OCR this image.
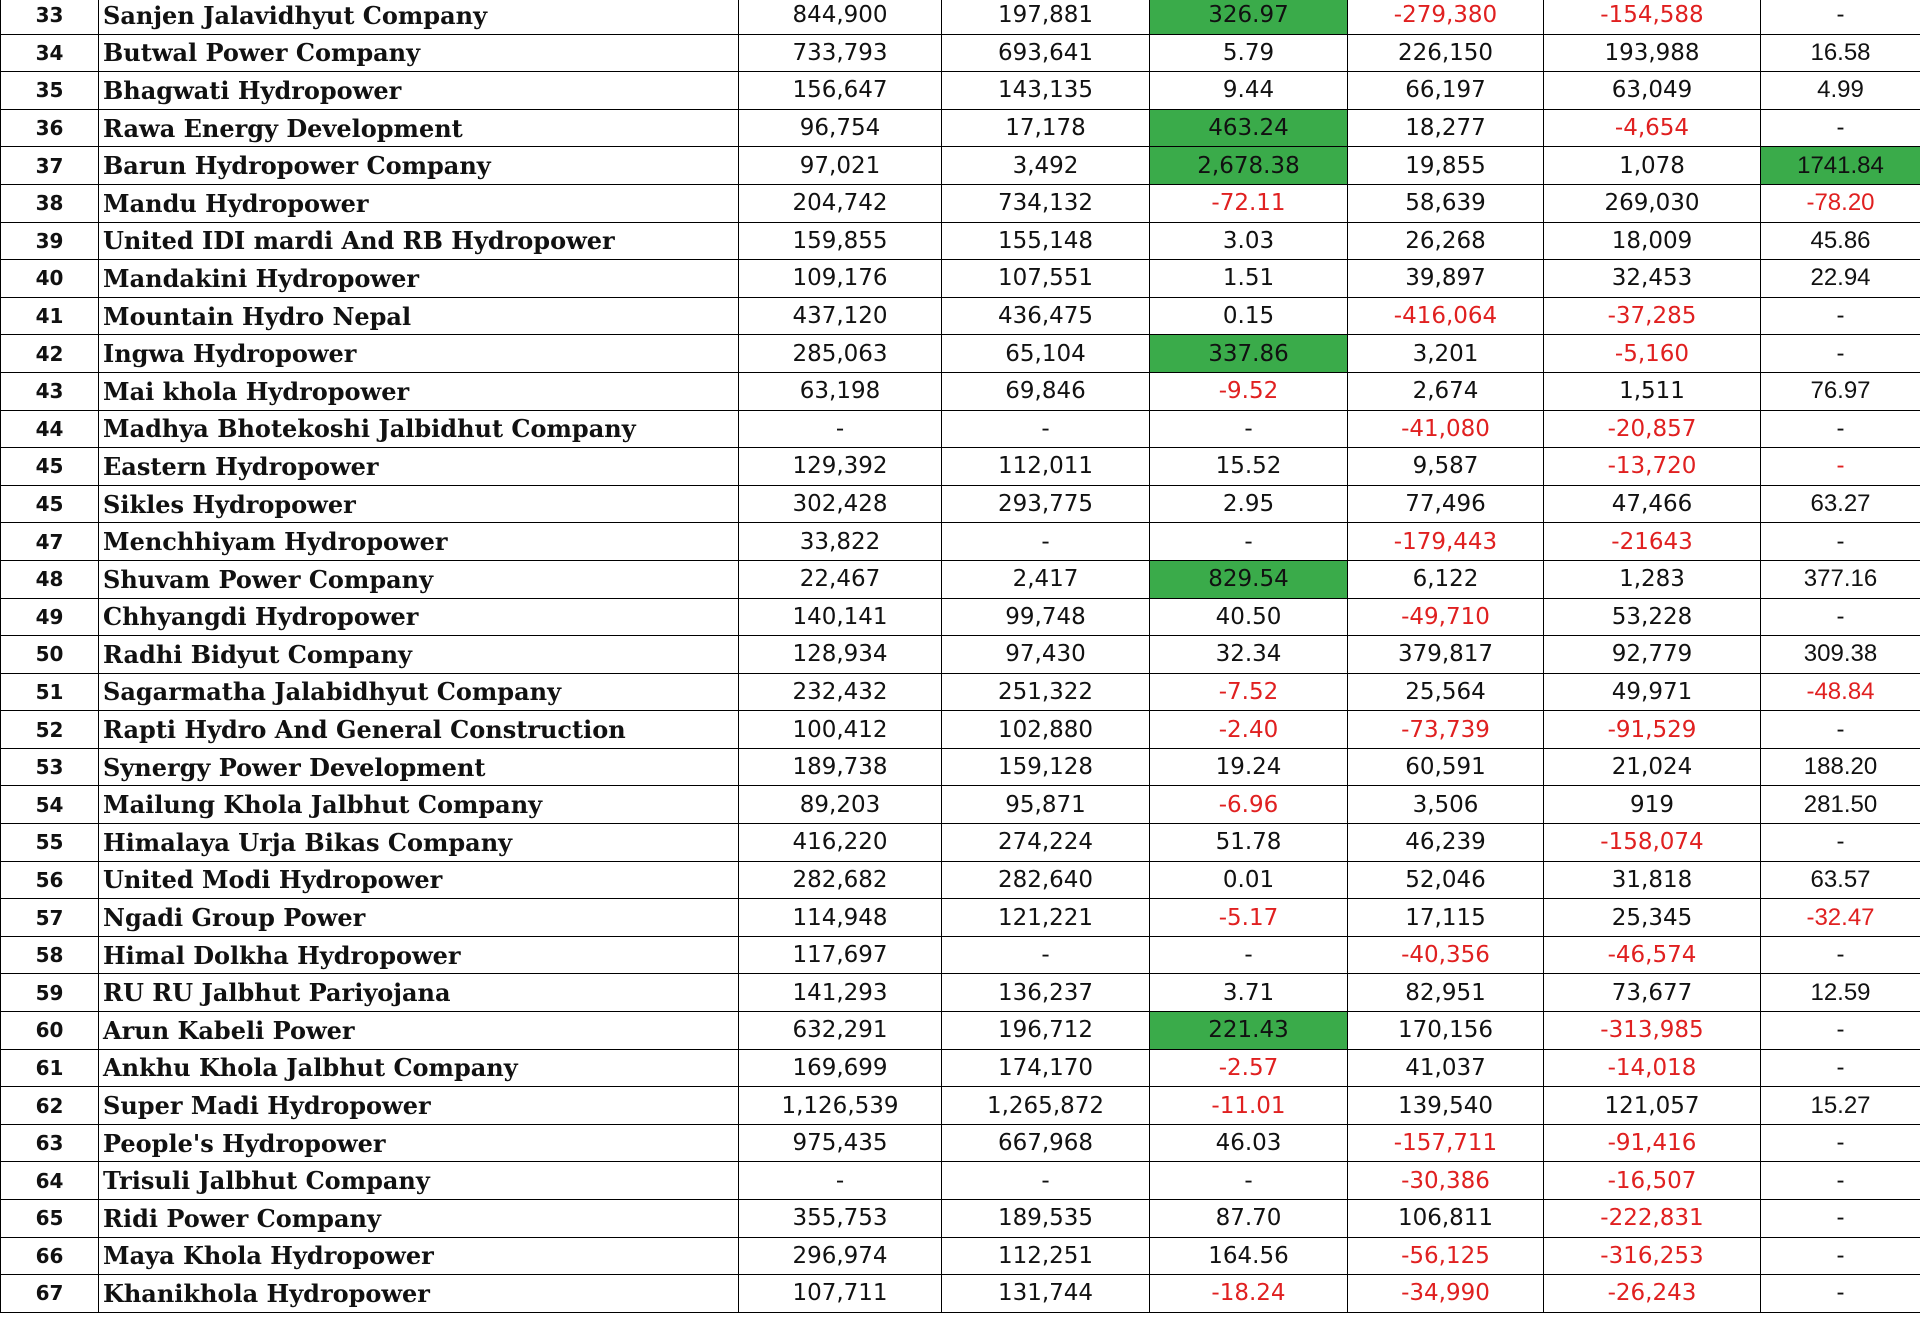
33	Sanjen Jalavidhyut Company	844,900	197,881	326.97	-279,380	-154,588	-
34	Butwal Power Company	733,793	693,641	5.79	226,150	193,988	16.58
35	Bhagwati Hydropower	156,647	143,135	9.44	66,197	63,049	4.99
36	Rawa Energy Development	96,754	17,178	463.24	18,277	-4,654	-
37	Barun Hydropower Company	97,021	3,492	2,678.38	19,855	1,078	1741.84
38	Mandu Hydropower	204,742	734,132	-72.11	58,639	269,030	-78.20
39	United IDI mardi And RB Hydropower	159,855	155,148	3.03	26,268	18,009	45.86
40	Mandakini Hydropower	109,176	107,551	1.51	39,897	32,453	22.94
41	Mountain Hydro Nepal	437,120	436,475	0.15	-416,064	-37,285	-
42	Ingwa Hydropower	285,063	65,104	337.86	3,201	-5,160	-
43	Mai khola Hydropower	63,198	69,846	-9.52	2,674	1,511	76.97
44	Madhya Bhotekoshi Jalbidhut Company	-	-	-	-41,080	-20,857	-
45	Eastern Hydropower	129,392	112,011	15.52	9,587	-13,720	-
45	Sikles Hydropower	302,428	293,775	2.95	77,496	47,466	63.27
47	Menchhiyam Hydropower	33,822	-	-	-179,443	-21643	-
48	Shuvam Power Company	22,467	2,417	829.54	6,122	1,283	377.16
49	Chhyangdi Hydropower	140,141	99,748	40.50	-49,710	53,228	-
50	Radhi Bidyut Company	128,934	97,430	32.34	379,817	92,779	309.38
51	Sagarmatha Jalabidhyut Company	232,432	251,322	-7.52	25,564	49,971	-48.84
52	Rapti Hydro And General Construction	100,412	102,880	-2.40	-73,739	-91,529	-
53	Synergy Power Development	189,738	159,128	19.24	60,591	21,024	188.20
54	Mailung Khola Jalbhut Company	89,203	95,871	-6.96	3,506	919	281.50
55	Himalaya Urja Bikas Company	416,220	274,224	51.78	46,239	-158,074	-
56	United Modi Hydropower	282,682	282,640	0.01	52,046	31,818	63.57
57	Ngadi Group Power	114,948	121,221	-5.17	17,115	25,345	-32.47
58	Himal Dolkha Hydropower	117,697	-	-	-40,356	-46,574	-
59	RU RU Jalbhut Pariyojana	141,293	136,237	3.71	82,951	73,677	12.59
60	Arun Kabeli Power	632,291	196,712	221.43	170,156	-313,985	-
61	Ankhu Khola Jalbhut Company	169,699	174,170	-2.57	41,037	-14,018	-
62	Super Madi Hydropower	1,126,539	1,265,872	-11.01	139,540	121,057	15.27
63	People's Hydropower	975,435	667,968	46.03	-157,711	-91,416	-
64	Trisuli Jalbhut Company	-	-	-	-30,386	-16,507	-
65	Ridi Power Company	355,753	189,535	87.70	106,811	-222,831	-
66	Maya Khola Hydropower	296,974	112,251	164.56	-56,125	-316,253	-
67	Khanikhola Hydropower	107,711	131,744	-18.24	-34,990	-26,243	-
